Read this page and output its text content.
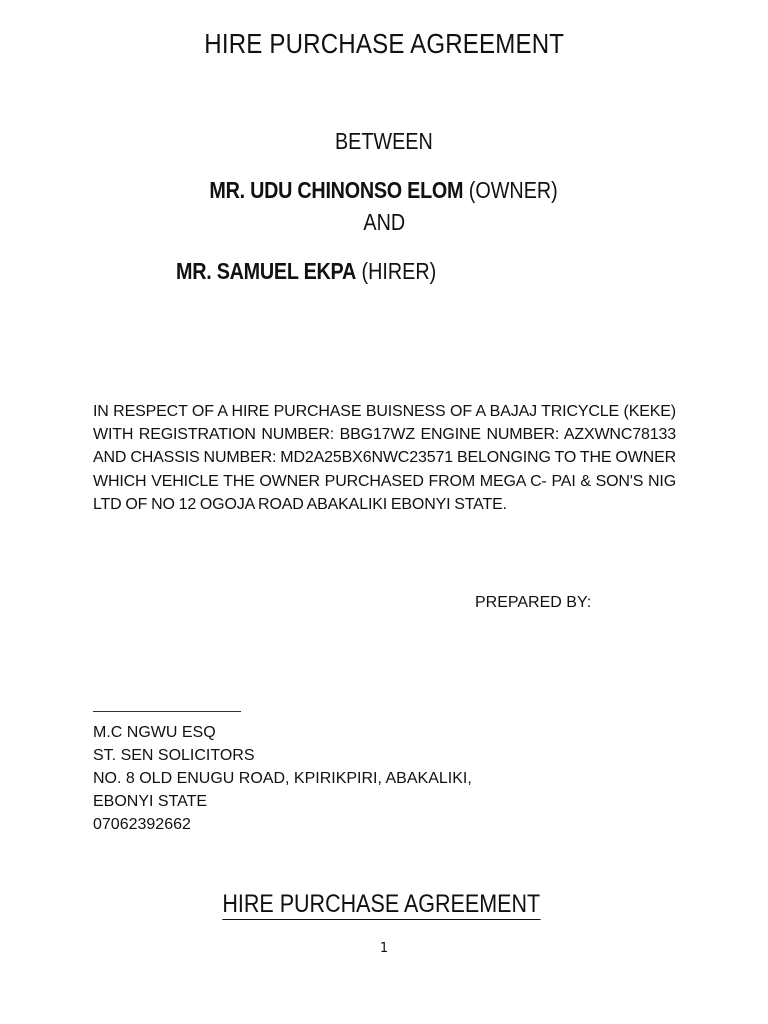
HIRE PURCHASE AGREEMENT
BETWEEN
MR. UDU CHINONSO ELOM (OWNER)
AND
MR. SAMUEL EKPA (HIRER)
IN RESPECT OF A HIRE PURCHASE BUISNESS OF A BAJAJ TRICYCLE (KEKE) WITH REGISTRATION NUMBER: BBG17WZ ENGINE NUMBER: AZXWNC78133 AND CHASSIS NUMBER: MD2A25BX6NWC23571 BELONGING TO THE OWNER WHICH VEHICLE THE OWNER PURCHASED FROM MEGA C- PAI & SON'S NIG LTD OF NO 12 OGOJA ROAD ABAKALIKI EBONYI STATE.
PREPARED BY:
M.C NGWU ESQ
ST. SEN SOLICITORS
NO. 8 OLD ENUGU ROAD, KPIRIKPIRI, ABAKALIKI,
EBONYI STATE
07062392662
HIRE PURCHASE AGREEMENT
1
